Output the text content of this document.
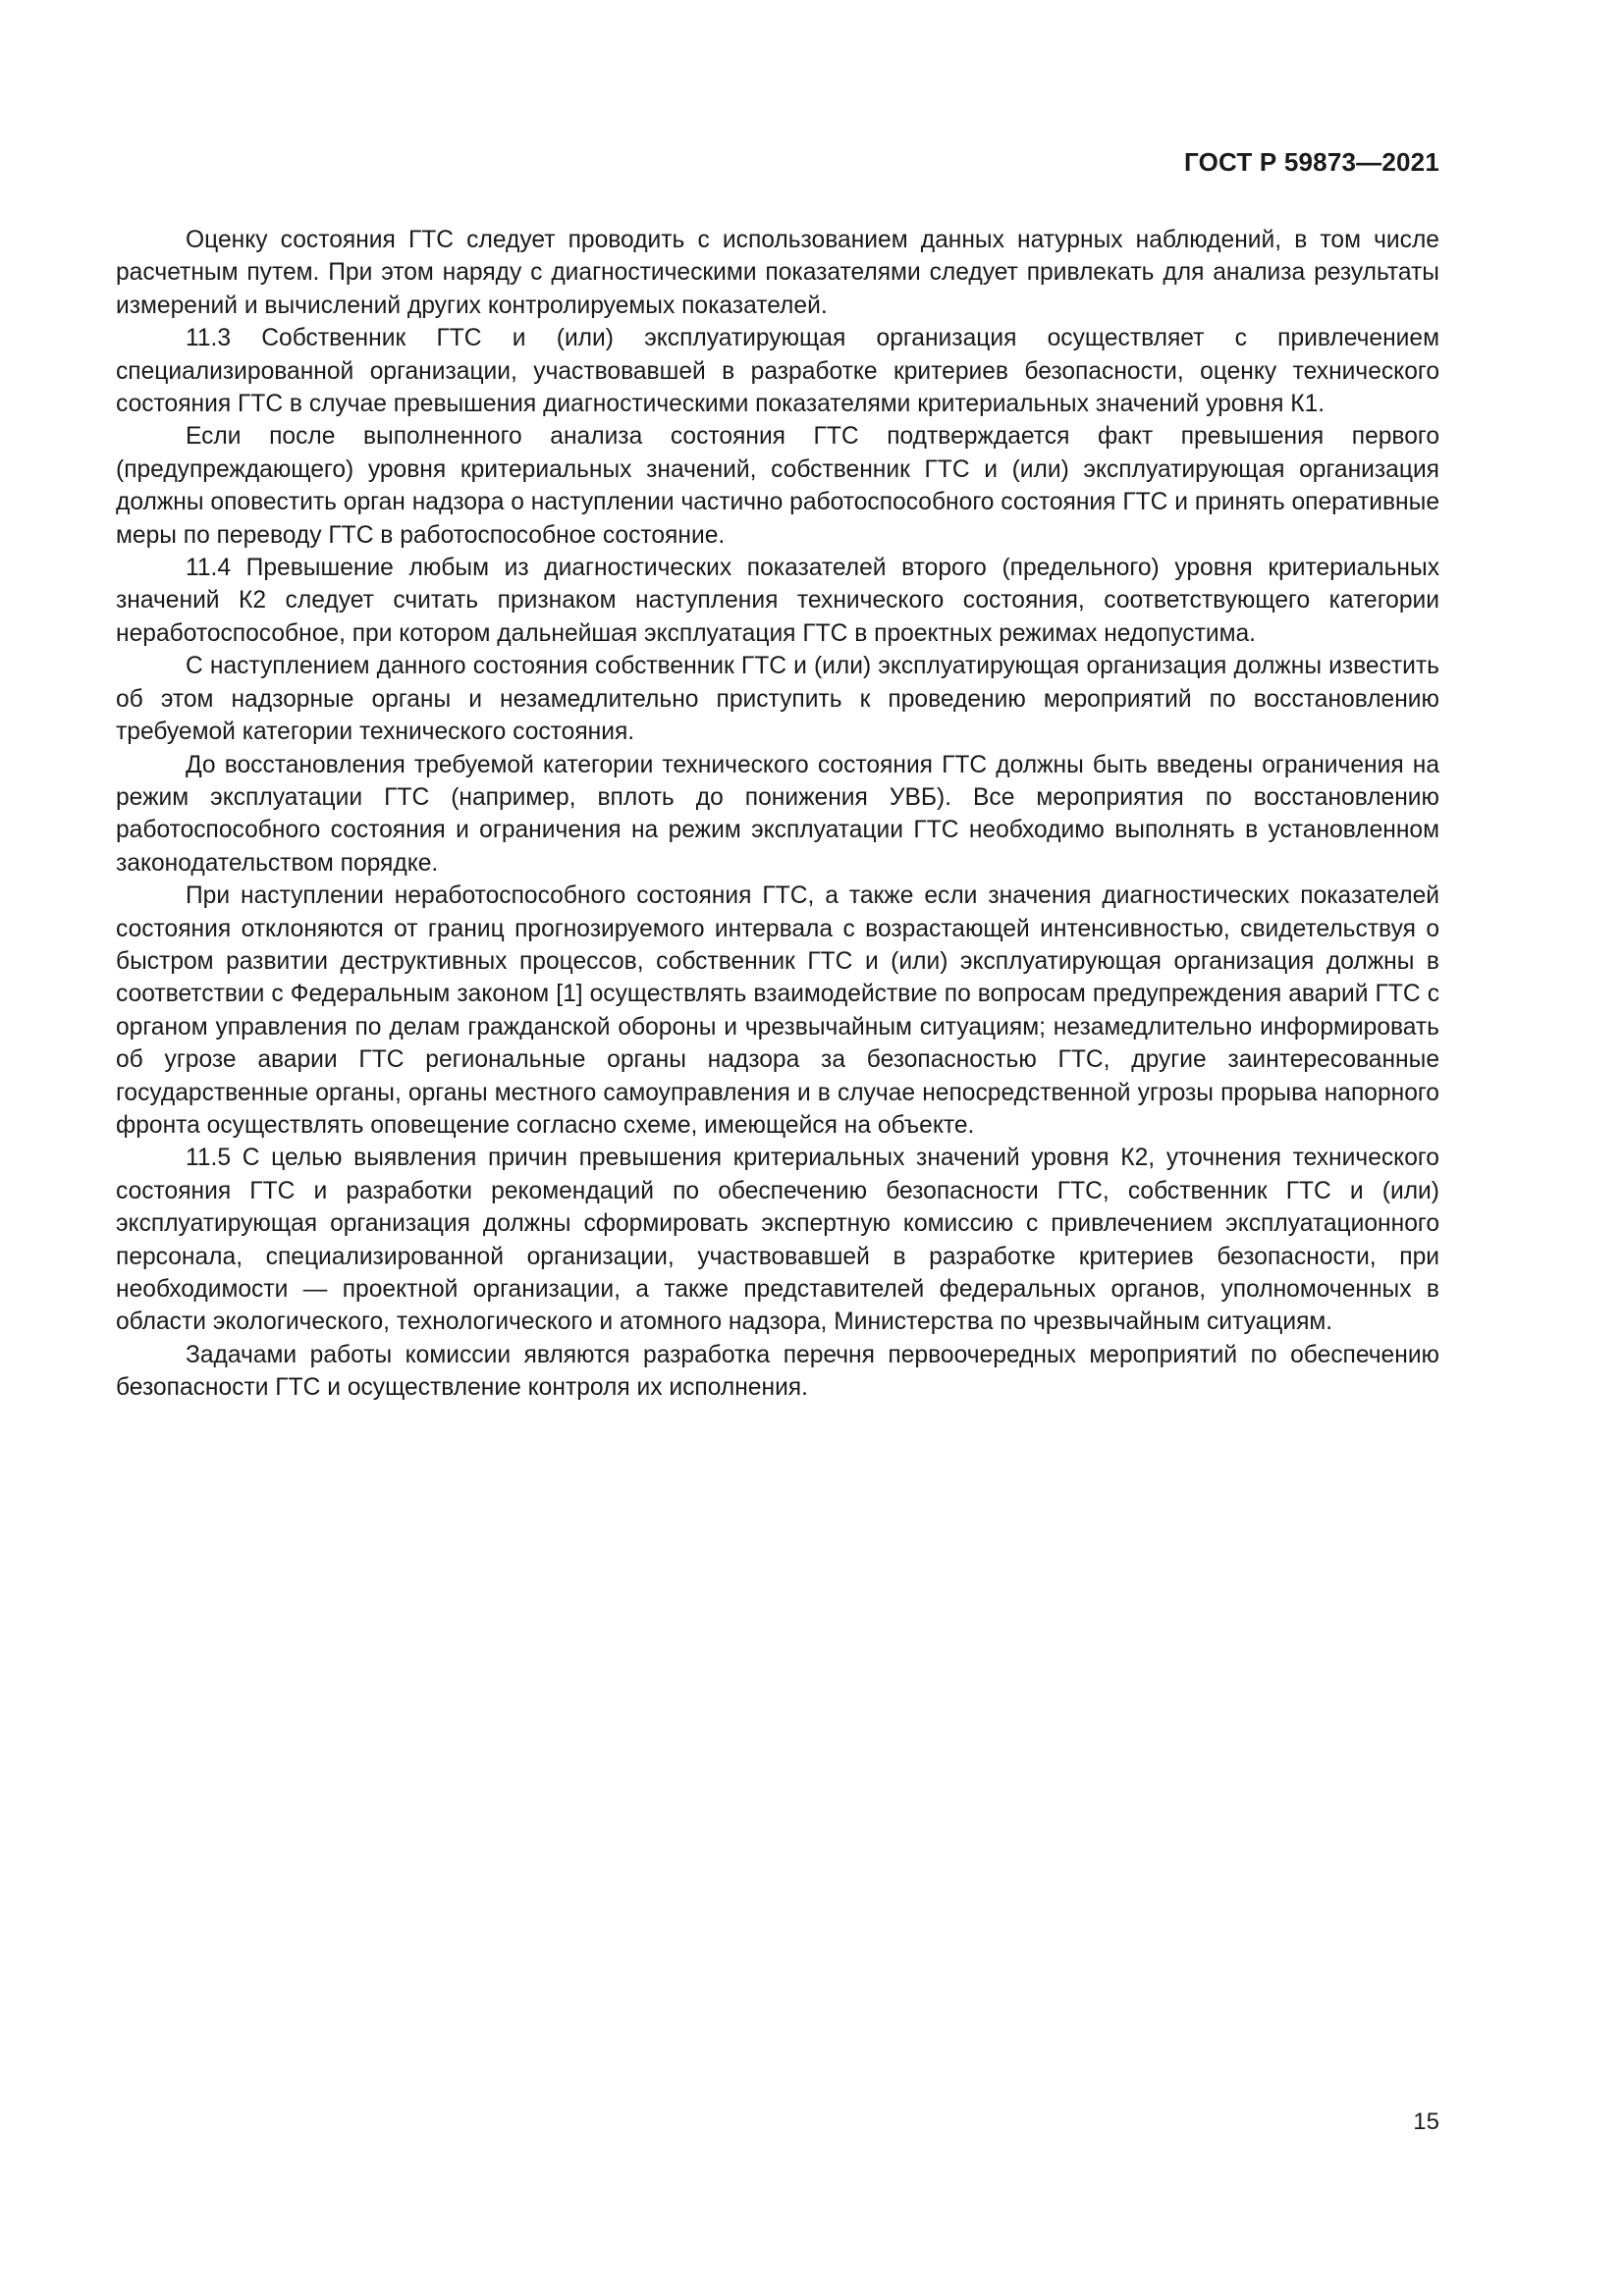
ГОСТ Р 59873—2021

Оценку состояния ГТС следует проводить с использованием данных натурных наблюдений, в том числе расчетным путем. При этом наряду с диагностическими показателями следует привлекать для анализа результаты измерений и вычислений других контролируемых показателей.

11.3 Собственник ГТС и (или) эксплуатирующая организация осуществляет с привлечением специализированной организации, участвовавшей в разработке критериев безопасности, оценку технического состояния ГТС в случае превышения диагностическими показателями критериальных значений уровня К1.

Если после выполненного анализа состояния ГТС подтверждается факт превышения первого (предупреждающего) уровня критериальных значений, собственник ГТС и (или) эксплуатирующая организация должны оповестить орган надзора о наступлении частично работоспособного состояния ГТС и принять оперативные меры по переводу ГТС в работоспособное состояние.

11.4 Превышение любым из диагностических показателей второго (предельного) уровня критериальных значений К2 следует считать признаком наступления технического состояния, соответствующего категории неработоспособное, при котором дальнейшая эксплуатация ГТС в проектных режимах недопустима.

С наступлением данного состояния собственник ГТС и (или) эксплуатирующая организация должны известить об этом надзорные органы и незамедлительно приступить к проведению мероприятий по восстановлению требуемой категории технического состояния.

До восстановления требуемой категории технического состояния ГТС должны быть введены ограничения на режим эксплуатации ГТС (например, вплоть до понижения УВБ). Все мероприятия по восстановлению работоспособного состояния и ограничения на режим эксплуатации ГТС необходимо выполнять в установленном законодательством порядке.

При наступлении неработоспособного состояния ГТС, а также если значения диагностических показателей состояния отклоняются от границ прогнозируемого интервала с возрастающей интенсивностью, свидетельствуя о быстром развитии деструктивных процессов, собственник ГТС и (или) эксплуатирующая организация должны в соответствии с Федеральным законом [1] осуществлять взаимодействие по вопросам предупреждения аварий ГТС с органом управления по делам гражданской обороны и чрезвычайным ситуациям; незамедлительно информировать об угрозе аварии ГТС региональные органы надзора за безопасностью ГТС, другие заинтересованные государственные органы, органы местного самоуправления и в случае непосредственной угрозы прорыва напорного фронта осуществлять оповещение согласно схеме, имеющейся на объекте.

11.5 С целью выявления причин превышения критериальных значений уровня К2, уточнения технического состояния ГТС и разработки рекомендаций по обеспечению безопасности ГТС, собственник ГТС и (или) эксплуатирующая организация должны сформировать экспертную комиссию с привлечением эксплуатационного персонала, специализированной организации, участвовавшей в разработке критериев безопасности, при необходимости — проектной организации, а также представителей федеральных органов, уполномоченных в области экологического, технологического и атомного надзора, Министерства по чрезвычайным ситуациям.

Задачами работы комиссии являются разработка перечня первоочередных мероприятий по обеспечению безопасности ГТС и осуществление контроля их исполнения.

15
